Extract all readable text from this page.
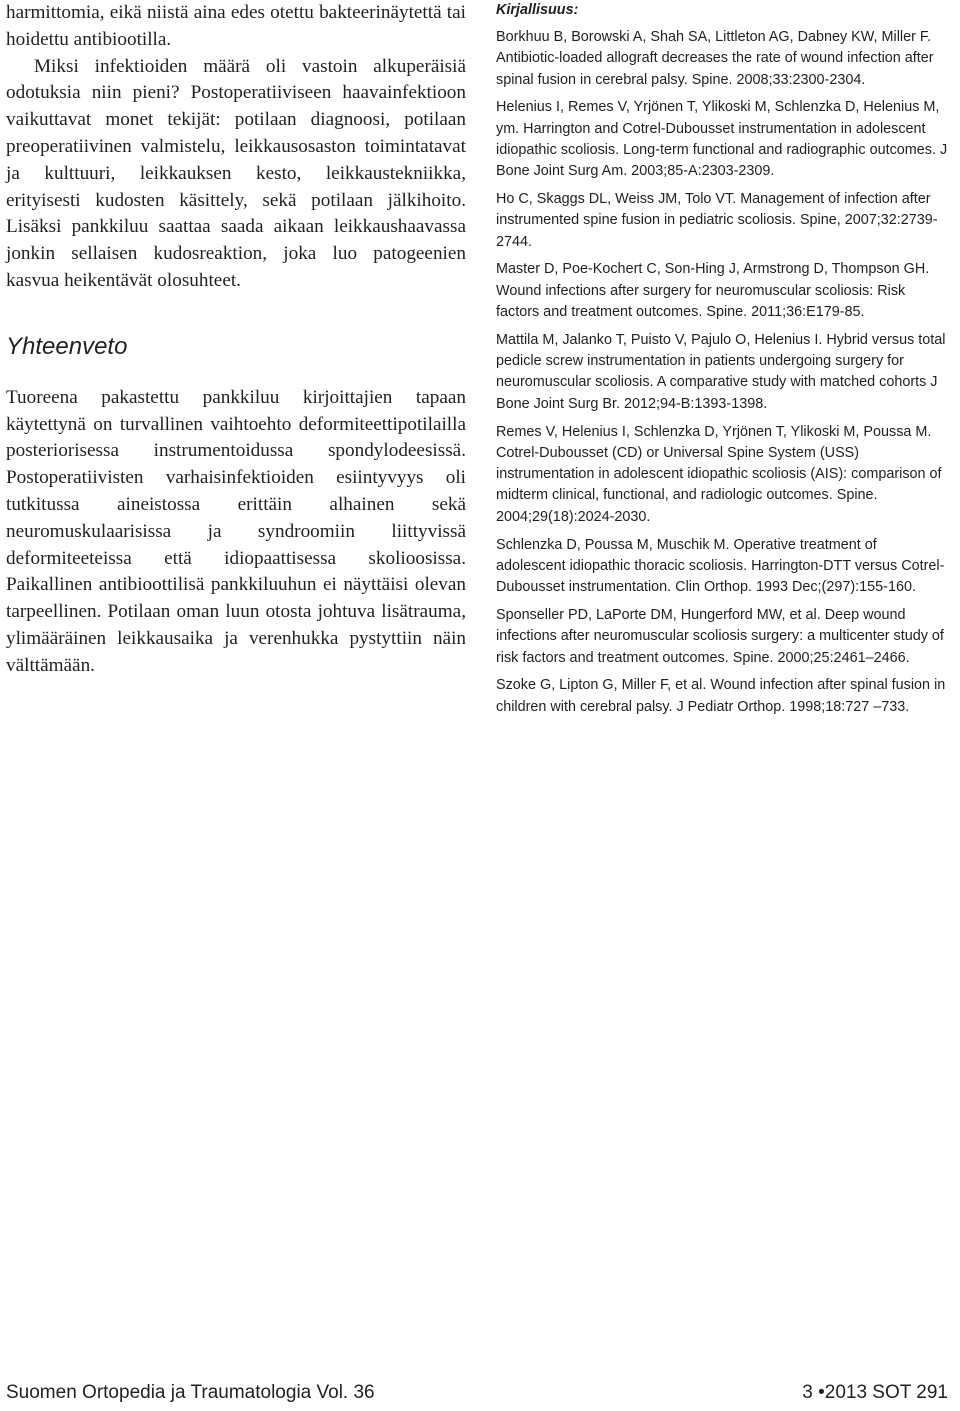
harmittomia, eikä niistä aina edes otettu bakteerinäytettä tai hoidettu antibiootilla.

Miksi infektioiden määrä oli vastoin alkuperäisiä odotuksia niin pieni? Postoperatiiviseen haavainfektioon vaikuttavat monet tekijät: potilaan diagnoosi, potilaan preoperatiivinen valmistelu, leikkausosaston toimintatavat ja kulttuuri, leikkauksen kesto, leikkaustekniikka, erityisesti kudosten käsittely, sekä potilaan jälkihoito. Lisäksi pankkiluu saattaa saada aikaan leikkaushaavassa jonkin sellaisen kudosreaktion, joka luo patogeenien kasvua heikentävät olosuhteet.

Yhteenveto

Tuoreena pakastettu pankkiluu kirjoittajien tapaan käytettynä on turvallinen vaihtoehto deformiteettipotilailla posteriorisessa instrumentoidussa spondylodeesissä. Postoperatiivisten varhaisinfektioiden esiintyvyys oli tutkitussa aineistossa erittäin alhainen sekä neuromuskulaarisissa ja syndroomiin liittyvissä deformiteeteissa että idiopaattisessa skolioosissa. Paikallinen antibioottilisä pankkiluuhun ei näyttäisi olevan tarpeellinen. Potilaan oman luun otosta johtuva lisätrauma, ylimääräinen leikkausaika ja verenhukka pystyttiin näin välttämään.

Kirjallisuus:

Borkhuu B, Borowski A, Shah SA, Littleton AG, Dabney KW, Miller F. Antibiotic-loaded allograft decreases the rate of wound infection after spinal fusion in cerebral palsy. Spine. 2008;33:2300-2304.

Helenius I, Remes V, Yrjönen T, Ylikoski M, Schlenzka D, Helenius M, ym. Harrington and Cotrel-Dubousset instrumentation in adolescent idiopathic scoliosis. Long-term functional and radiographic outcomes. J Bone Joint Surg Am. 2003;85-A:2303-2309.

Ho C, Skaggs DL, Weiss JM, Tolo VT. Management of infection after instrumented spine fusion in pediatric scoliosis. Spine, 2007;32:2739-2744.

Master D, Poe-Kochert C, Son-Hing J, Armstrong D, Thompson GH. Wound infections after surgery for neuromuscular scoliosis: Risk factors and treatment outcomes. Spine. 2011;36:E179-85.

Mattila M, Jalanko T, Puisto V, Pajulo O, Helenius I. Hybrid versus total pedicle screw instrumentation in patients undergoing surgery for neuromuscular scoliosis. A comparative study with matched cohorts J Bone Joint Surg Br. 2012;94-B:1393-1398.

Remes V, Helenius I, Schlenzka D, Yrjönen T, Ylikoski M, Poussa M. Cotrel-Dubousset (CD) or Universal Spine System (USS) instrumentation in adolescent idiopathic scoliosis (AIS): comparison of midterm clinical, functional, and radiologic outcomes. Spine. 2004;29(18):2024-2030.

Schlenzka D, Poussa M, Muschik M. Operative treatment of adolescent idiopathic thoracic scoliosis. Harrington-DTT versus Cotrel-Dubousset instrumentation. Clin Orthop. 1993 Dec;(297):155-160.

Sponseller PD, LaPorte DM, Hungerford MW, et al. Deep wound infections after neuromuscular scoliosis surgery: a multicenter study of risk factors and treatment outcomes. Spine. 2000;25:2461–2466.

Szoke G, Lipton G, Miller F, et al. Wound infection after spinal fusion in children with cerebral palsy. J Pediatr Orthop. 1998;18:727 –733.

Suomen Ortopedia ja Traumatologia Vol. 36	3 •2013 SOT 291
